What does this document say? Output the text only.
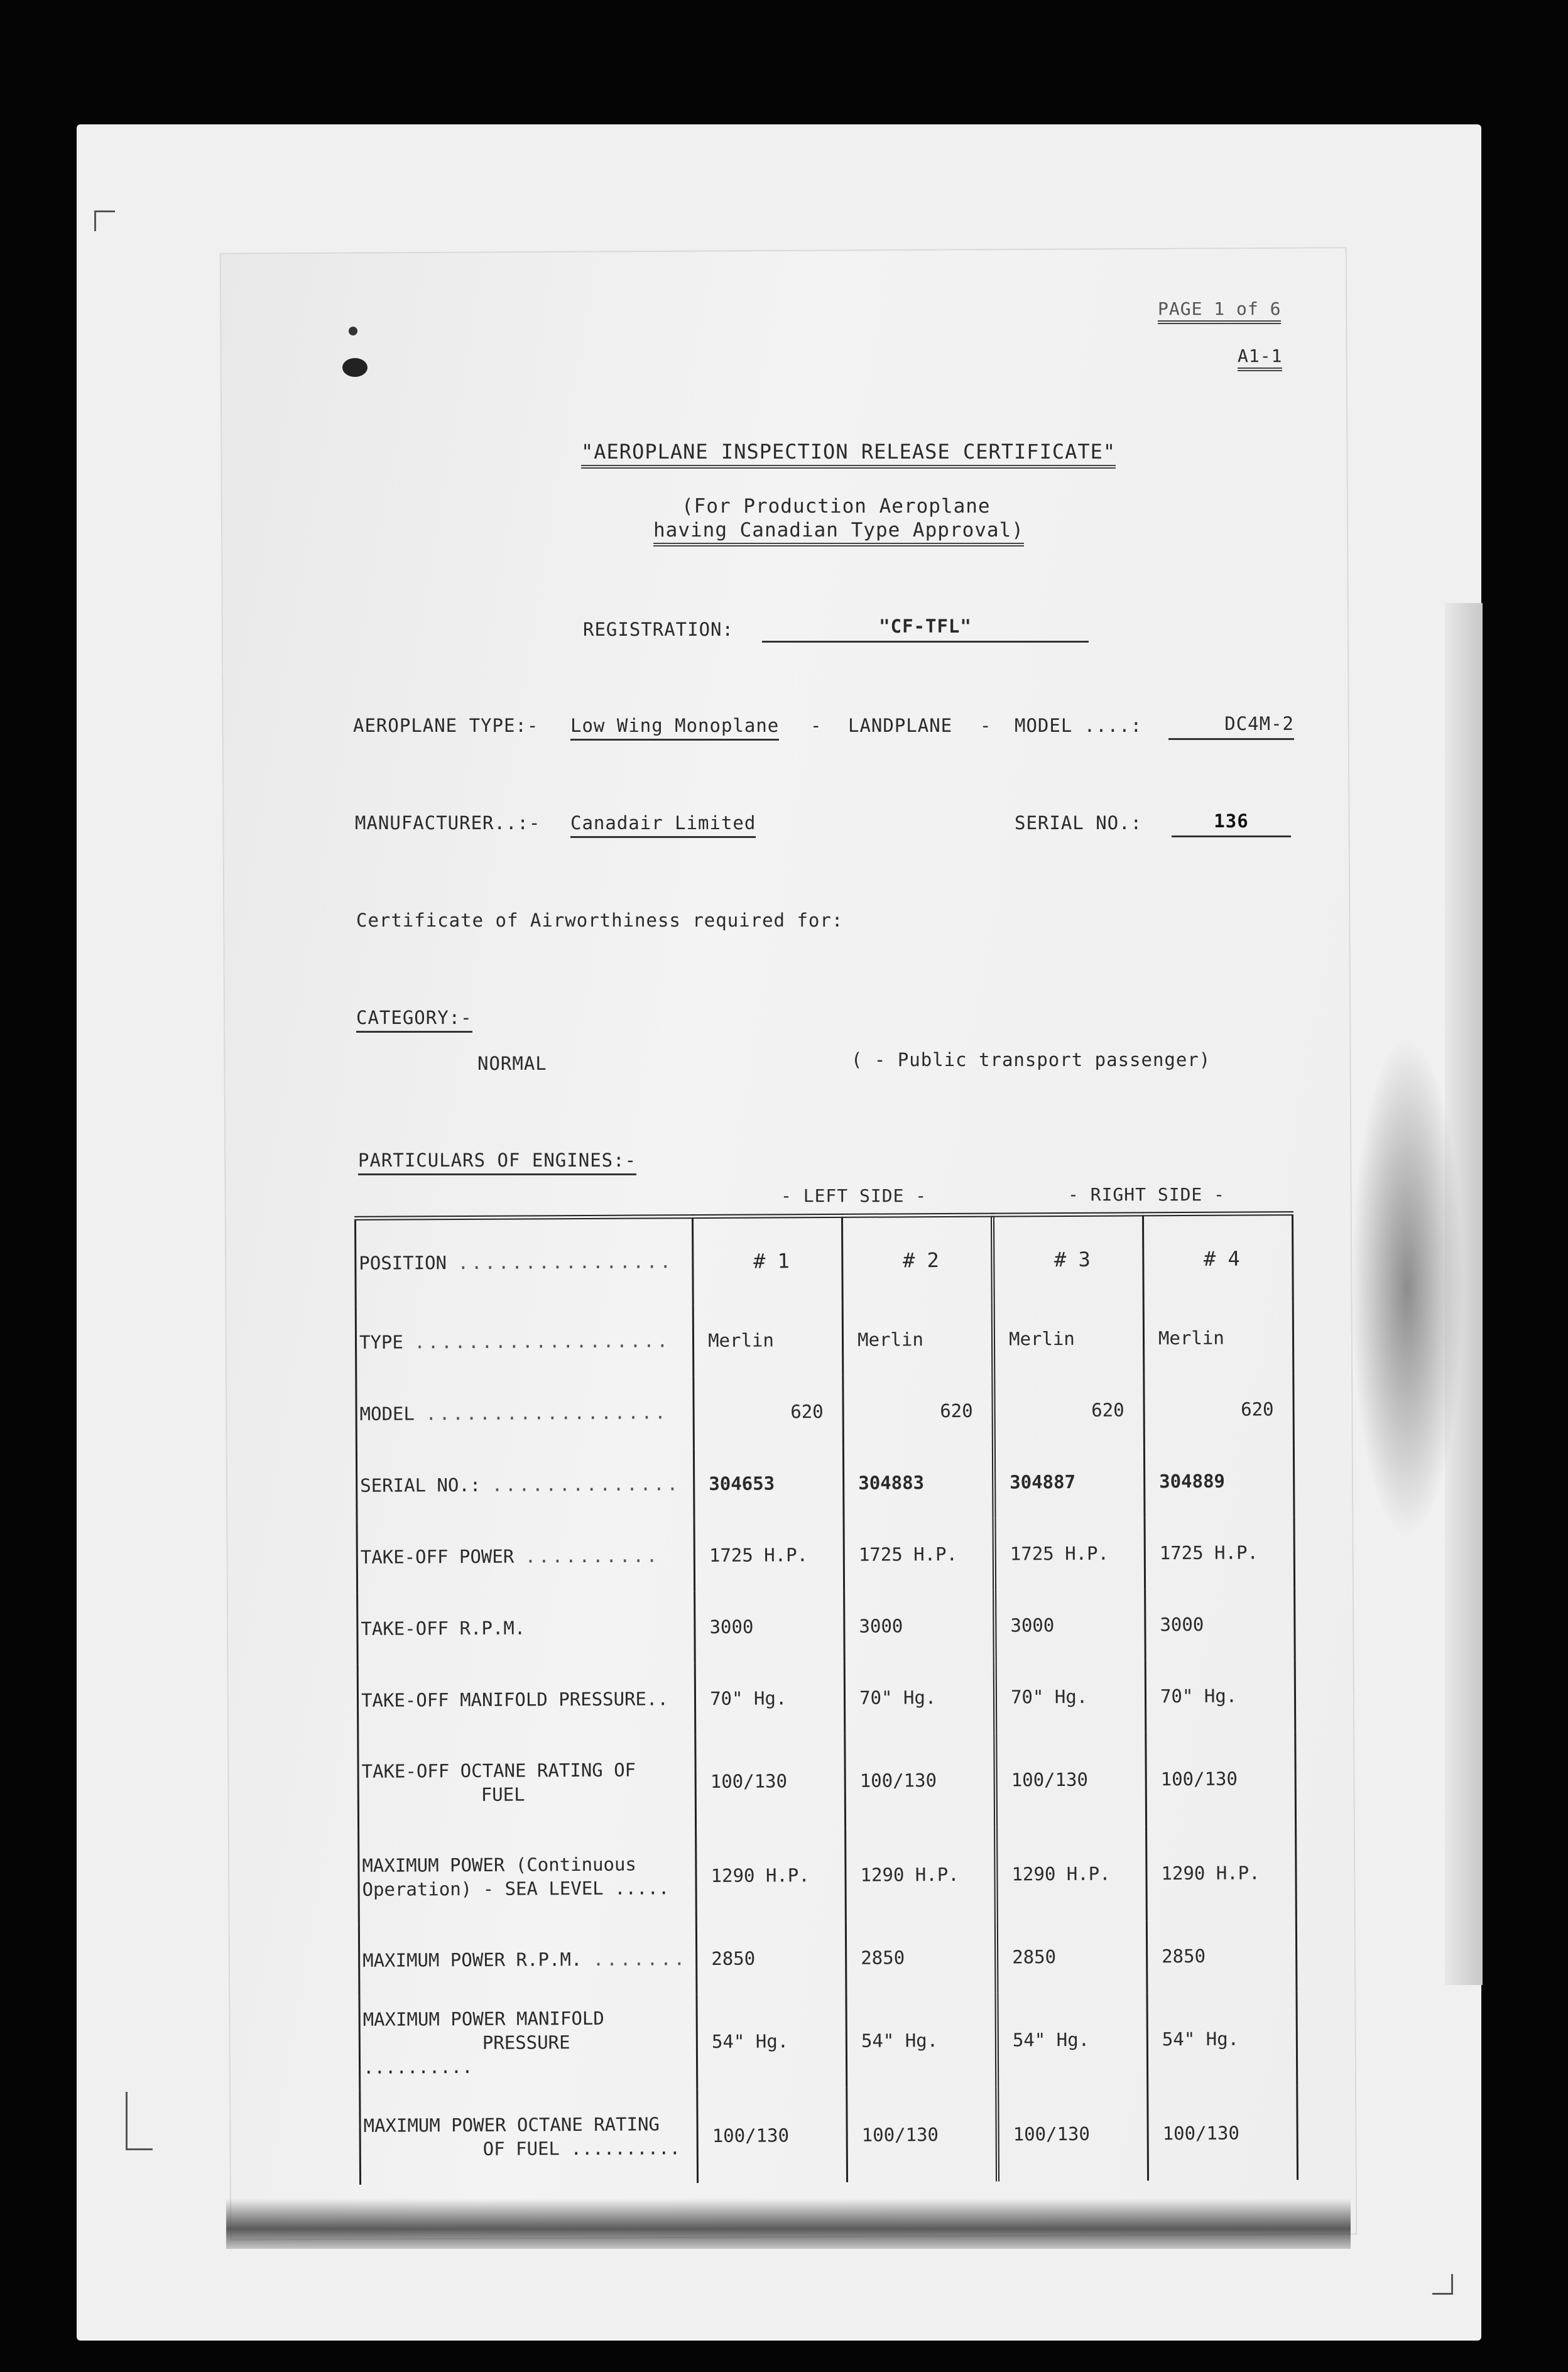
PAGE 1 of 6
A1-1
"AEROPLANE INSPECTION RELEASE CERTIFICATE"
(For Production Aeroplane
having Canadian Type Approval)
REGISTRATION:	"CF-TFL"
AEROPLANE TYPE:- Low Wing Monoplane - LANDPLANE - MODEL ....:	DC4M-2
MANUFACTURER..:- Canadair Limited	SERIAL NO.:	136
Certificate of Airworthiness required for:
CATEGORY:-
NORMAL	( - Public transport passenger)
PARTICULARS OF ENGINES:-
- LEFT SIDE -	- RIGHT SIDE -
POSITION ................	# 1	# 2	# 3	# 4
TYPE ...................	Merlin	Merlin	Merlin	Merlin
MODEL ..................	620	620	620	620
SERIAL NO.: ..............	304653	304883	304887	304889
TAKE-OFF POWER ..........	1725 H.P.	1725 H.P.	1725 H.P.	1725 H.P.
TAKE-OFF R.P.M.	3000	3000	3000	3000
TAKE-OFF MANIFOLD PRESSURE..	70" Hg.	70" Hg.	70" Hg.	70" Hg.
TAKE-OFF OCTANE RATING OF
FUEL	100/130	100/130	100/130	100/130
MAXIMUM POWER (Continuous
Operation) - SEA LEVEL .....	1290 H.P.	1290 H.P.	1290 H.P.	1290 H.P.
MAXIMUM POWER R.P.M. .......	2850	2850	2850	2850
MAXIMUM POWER MANIFOLD
PRESSURE ..........	54" Hg.	54" Hg.	54" Hg.	54" Hg.
MAXIMUM POWER OCTANE RATING
OF FUEL ..........	100/130	100/130	100/130	100/130
